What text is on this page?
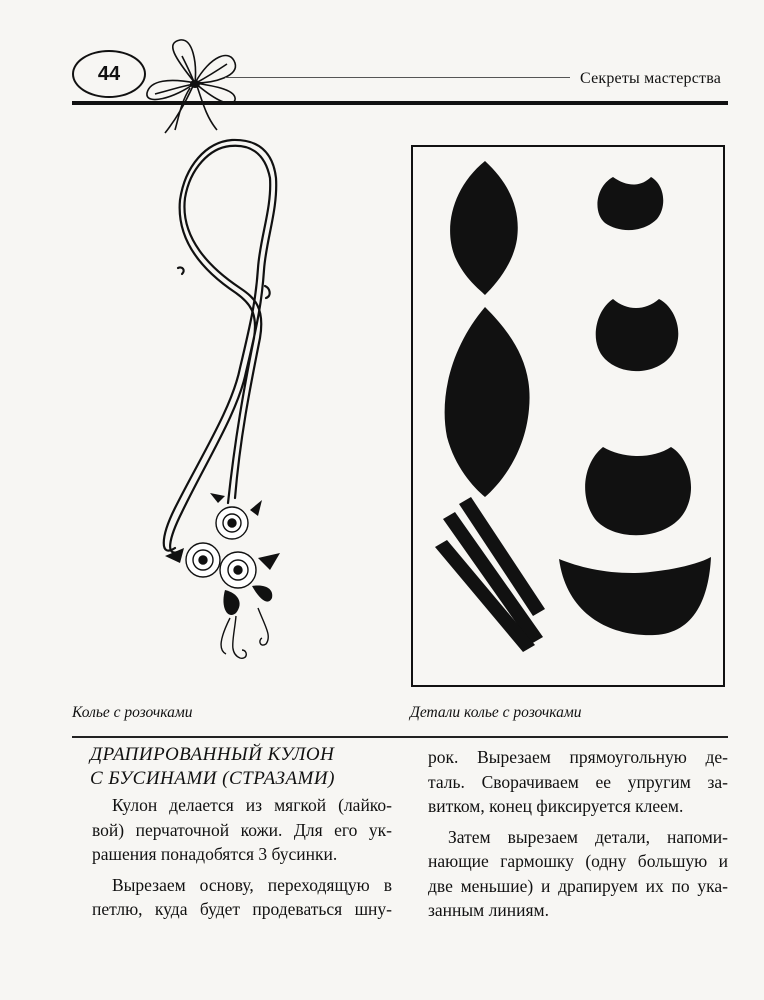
44	Секреты мастерства
Колье с розочками	Детали колье с розочками
ДРАПИРОВАННЫЙ КУЛОН
С БУСИНАМИ (СТРАЗАМИ)
Кулон делается из мягкой (лайко-
вой) перчаточной кожи. Для его ук-
рашения понадобятся 3 бусинки.
Вырезаем основу, переходящую в
петлю, куда будет продеваться шну-
рок. Вырезаем прямоугольную де-
таль. Сворачиваем ее упругим за-
витком, конец фиксируется клеем.
Затем вырезаем детали, напоми-
нающие гармошку (одну большую и
две меньшие) и драпируем их по ука-
занным линиям.
